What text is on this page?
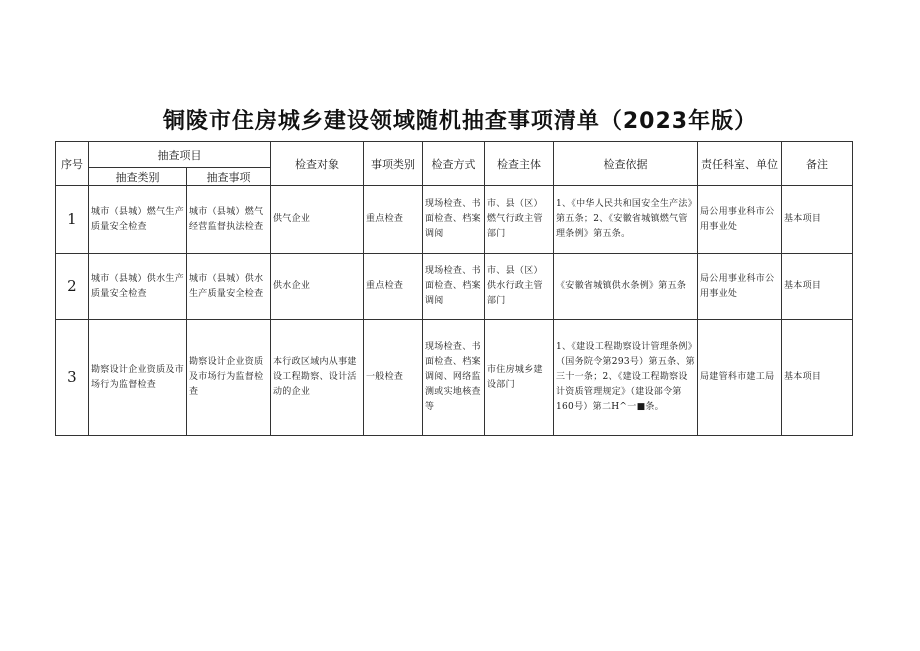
铜陵市住房城乡建设领域随机抽查事项清单（2023年版）
序号	抽查项目		检查对象	事项类别	检查方式	检查主体	检查依据	责任科室、单位	备注
	抽查类别	抽查事项							
1	城市（县城）燃气生产质量安全检查	城市（县城）燃气经营监督执法检查	供气企业	重点检查	现场检查、书面检查、档案调阅	市、县（区）燃气行政主管部门	1、《中华人民共和国安全生产法》第五条；2、《安徽省城镇燃气管理条例》第五条。	局公用事业科市公用事业处	基本项目
2	城市（县城）供水生产质量安全检查	城市（县城）供水生产质量安全检查	供水企业	重点检查	现场检查、书面检查、档案调阅	市、县（区）供水行政主管部门	《安徽省城镇供水条例》第五条	局公用事业科市公用事业处	基本项目
3	勘察设计企业资质及市场行为监督检查	勘察设计企业资质及市场行为监督检查	本行政区域内从事建设工程勘察、设计活动的企业	一般检查	现场检查、书面检查、档案调阅、网络监测或实地核查等	市住房城乡建设部门	1、《建设工程勘察设计管理条例》（国务院令第293号）第五条、第三十一条；2、《建设工程勘察设计资质管理规定》（建设部令第160号）第二H^一■条。	局建管科市建工局	基本项目
